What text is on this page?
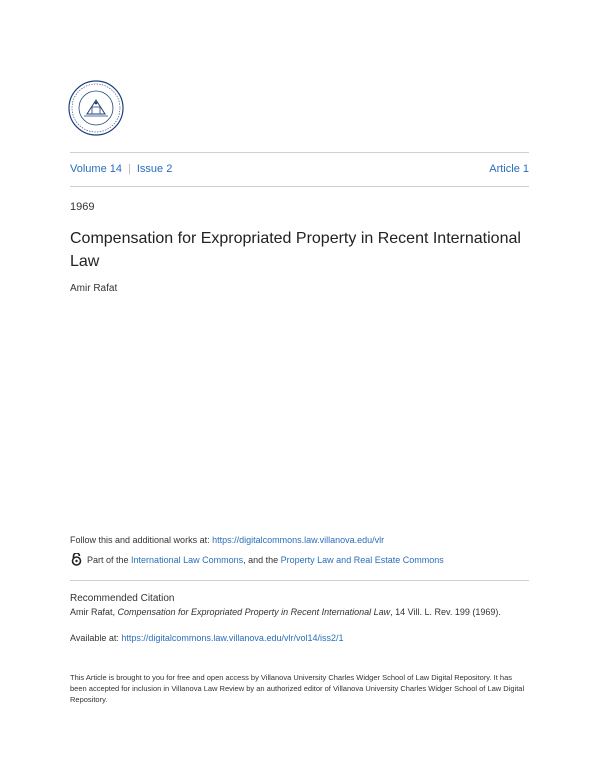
Volume 14 | Issue 2	Article 1
1969
Compensation for Expropriated Property in Recent International Law
Amir Rafat
Follow this and additional works at: https://digitalcommons.law.villanova.edu/vlr
Part of the
International Law Commons , and the
Property Law and Real Estate Commons
Recommended Citation
Amir Rafat, Compensation for Expropriated Property in Recent International Law, 14 Vill. L. Rev. 199 (1969).
Available at: https://digitalcommons.law.villanova.edu/vlr/vol14/iss2/1
This Article is brought to you for free and open access by Villanova University Charles Widger School of Law Digital Repository. It has been accepted for inclusion in Villanova Law Review by an authorized editor of Villanova University Charles Widger School of Law Digital Repository.
